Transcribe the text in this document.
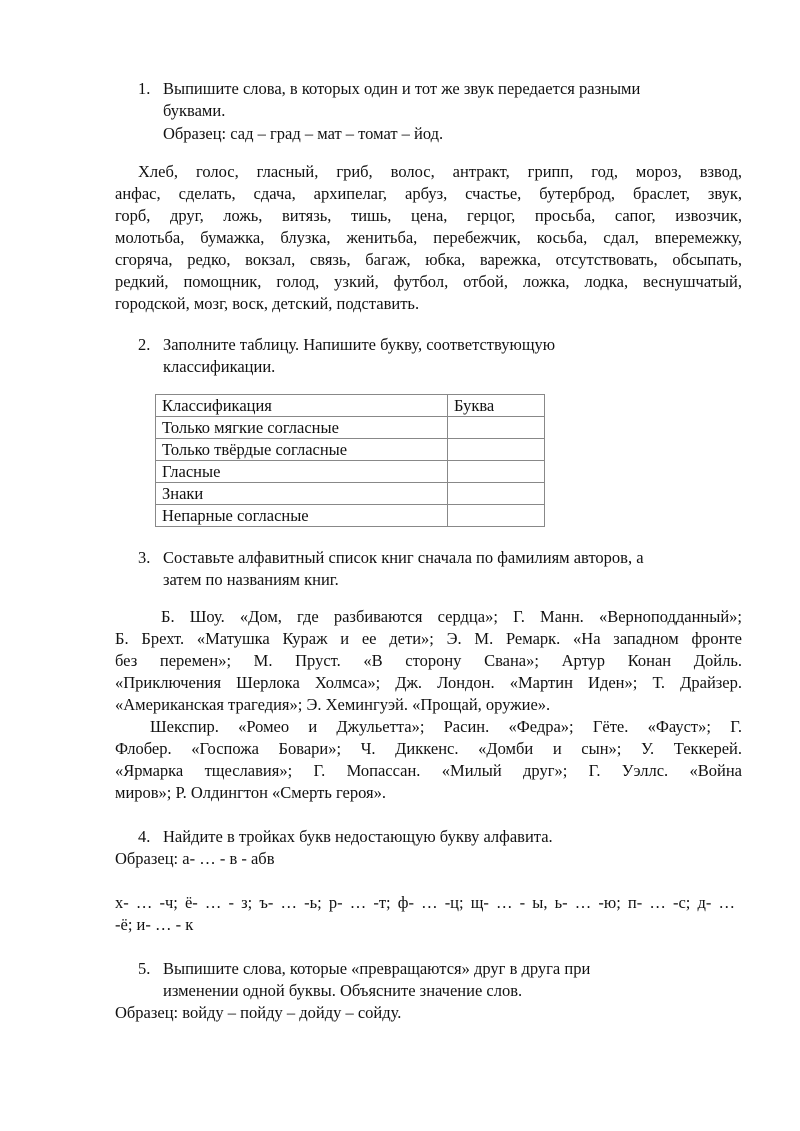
1. Выпишите слова, в которых один и тот же звук передается разными

буквами.

Образец: сад – град – мат – томат – йод.

Хлеб, голос, гласный, гриб, волос, антракт, грипп, год, мороз, взвод,

анфас, сделать, сдача, архипелаг, арбуз, счастье, бутерброд, браслет, звук,

горб, друг, ложь, витязь, тишь, цена, герцог, просьба, сапог, извозчик,

молотьба, бумажка, блузка, женитьба, перебежчик, косьба, сдал, вперемежку,

сгоряча, редко, вокзал, связь, багаж, юбка, варежка, отсутствовать, обсыпать,

редкий, помощник, голод, узкий, футбол, отбой, ложка, лодка, веснушчатый,

городской, мозг, воск, детский, подставить.

2. Заполните таблицу. Напишите букву, соответствующую

классификации.

Классификация	Буква
Только мягкие согласные	
Только твёрдые согласные	
Гласные	
Знаки	
Непарные согласные	
3. Составьте алфавитный список книг сначала по фамилиям авторов, а

затем по названиям книг.

Б. Шоу. «Дом, где разбиваются сердца»; Г. Манн. «Верноподданный»;

Б. Брехт. «Матушка Кураж и ее дети»; Э. М. Ремарк. «На западном фронте

без перемен»; М. Пруст. «В сторону Свана»; Артур Конан Дойль.

«Приключения Шерлока Холмса»; Дж. Лондон. «Мартин Иден»; Т. Драйзер.

«Американская трагедия»; Э. Хемингуэй. «Прощай, оружие».

Шекспир. «Ромео и Джульетта»; Расин. «Федра»; Гёте. «Фауст»; Г.

Флобер. «Госпожа Бовари»; Ч. Диккенс. «Домби и сын»; У. Теккерей.

«Ярмарка тщеславия»; Г. Мопассан. «Милый друг»; Г. Уэллс. «Война

миров»; Р. Олдингтон «Смерть героя».

4. Найдите в тройках букв недостающую букву алфавита.

Образец: а- … - в - абв

х- … -ч; ё- … - з; ъ- … -ь; р- … -т; ф- … -ц; щ- … - ы, ь- … -ю; п- … -с; д- …

-ё; и- … - к

5. Выпишите слова, которые «превращаются» друг в друга при

изменении одной буквы. Объясните значение слов.

Образец: войду – пойду – дойду – сойду.
